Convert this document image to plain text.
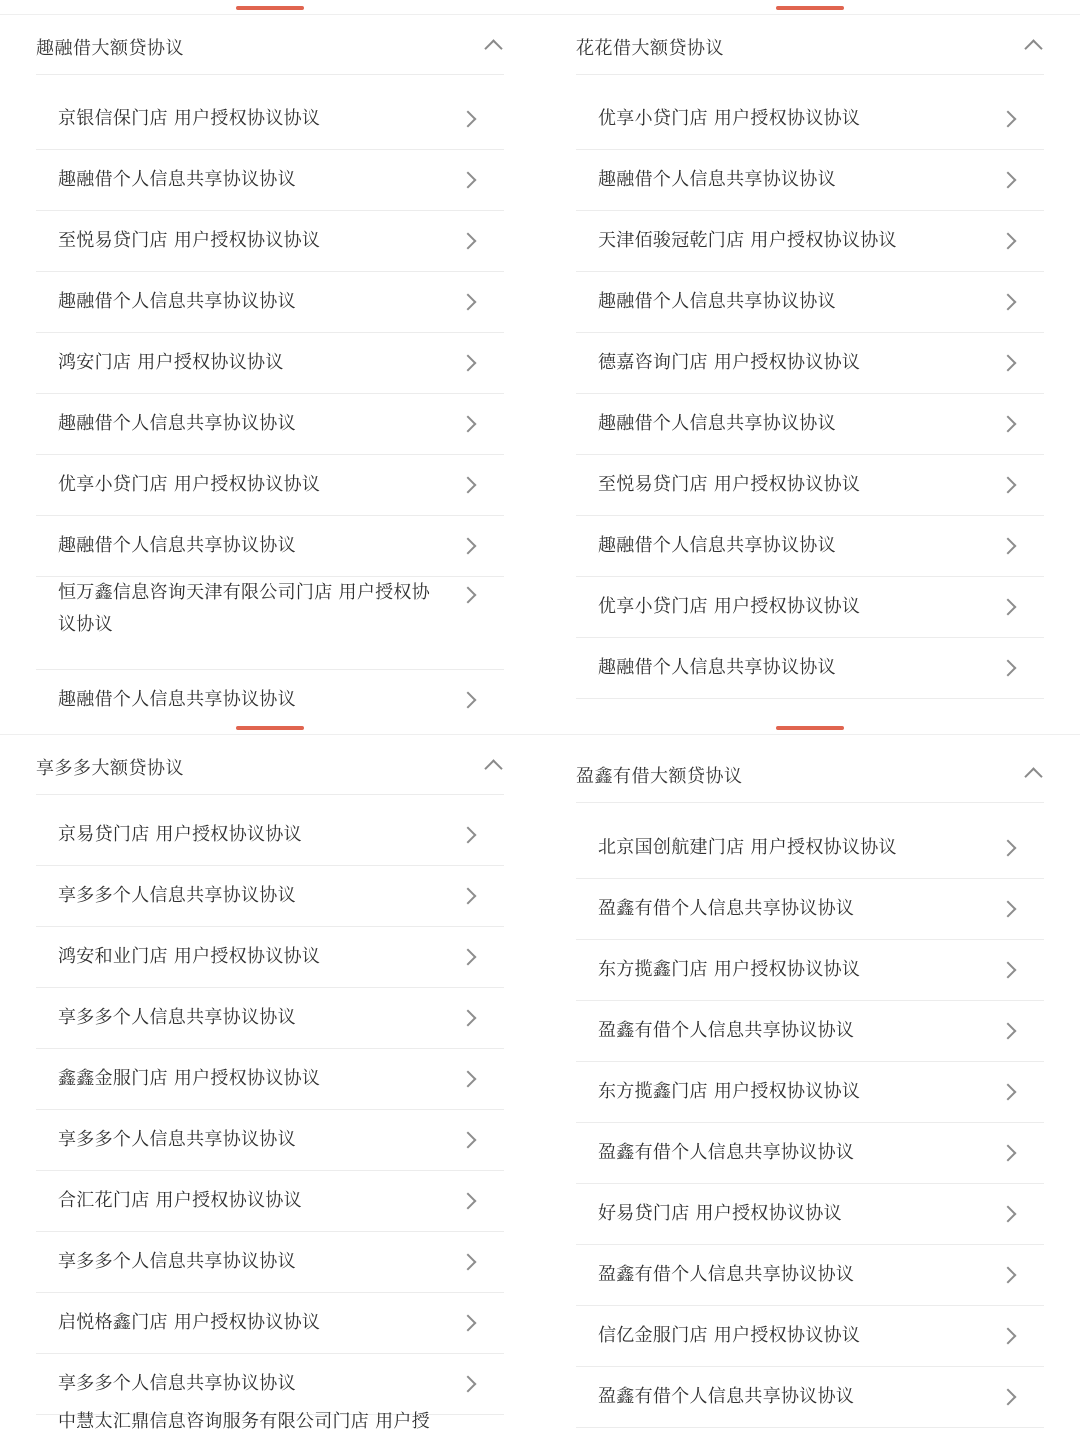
趣融借大额贷协议
京银信保门店 用户授权协议协议
趣融借个人信息共享协议协议
至悦易贷门店 用户授权协议协议
趣融借个人信息共享协议协议
鸿安门店 用户授权协议协议
趣融借个人信息共享协议协议
优享小贷门店 用户授权协议协议
趣融借个人信息共享协议协议
恒万鑫信息咨询天津有限公司门店 用户授权协议协议
趣融借个人信息共享协议协议
花花借大额贷协议
优享小贷门店 用户授权协议协议
趣融借个人信息共享协议协议
天津佰骏冠乾门店 用户授权协议协议
趣融借个人信息共享协议协议
德嘉咨询门店 用户授权协议协议
趣融借个人信息共享协议协议
至悦易贷门店 用户授权协议协议
趣融借个人信息共享协议协议
优享小贷门店 用户授权协议协议
趣融借个人信息共享协议协议
享多多大额贷协议
京易贷门店 用户授权协议协议
享多多个人信息共享协议协议
鸿安和业门店 用户授权协议协议
享多多个人信息共享协议协议
鑫鑫金服门店 用户授权协议协议
享多多个人信息共享协议协议
合汇花门店 用户授权协议协议
享多多个人信息共享协议协议
启悦格鑫门店 用户授权协议协议
享多多个人信息共享协议协议
中慧太汇鼎信息咨询服务有限公司门店 用户授
盈鑫有借大额贷协议
北京国创航建门店 用户授权协议协议
盈鑫有借个人信息共享协议协议
东方揽鑫门店 用户授权协议协议
盈鑫有借个人信息共享协议协议
东方揽鑫门店 用户授权协议协议
盈鑫有借个人信息共享协议协议
好易贷门店 用户授权协议协议
盈鑫有借个人信息共享协议协议
信亿金服门店 用户授权协议协议
盈鑫有借个人信息共享协议协议
